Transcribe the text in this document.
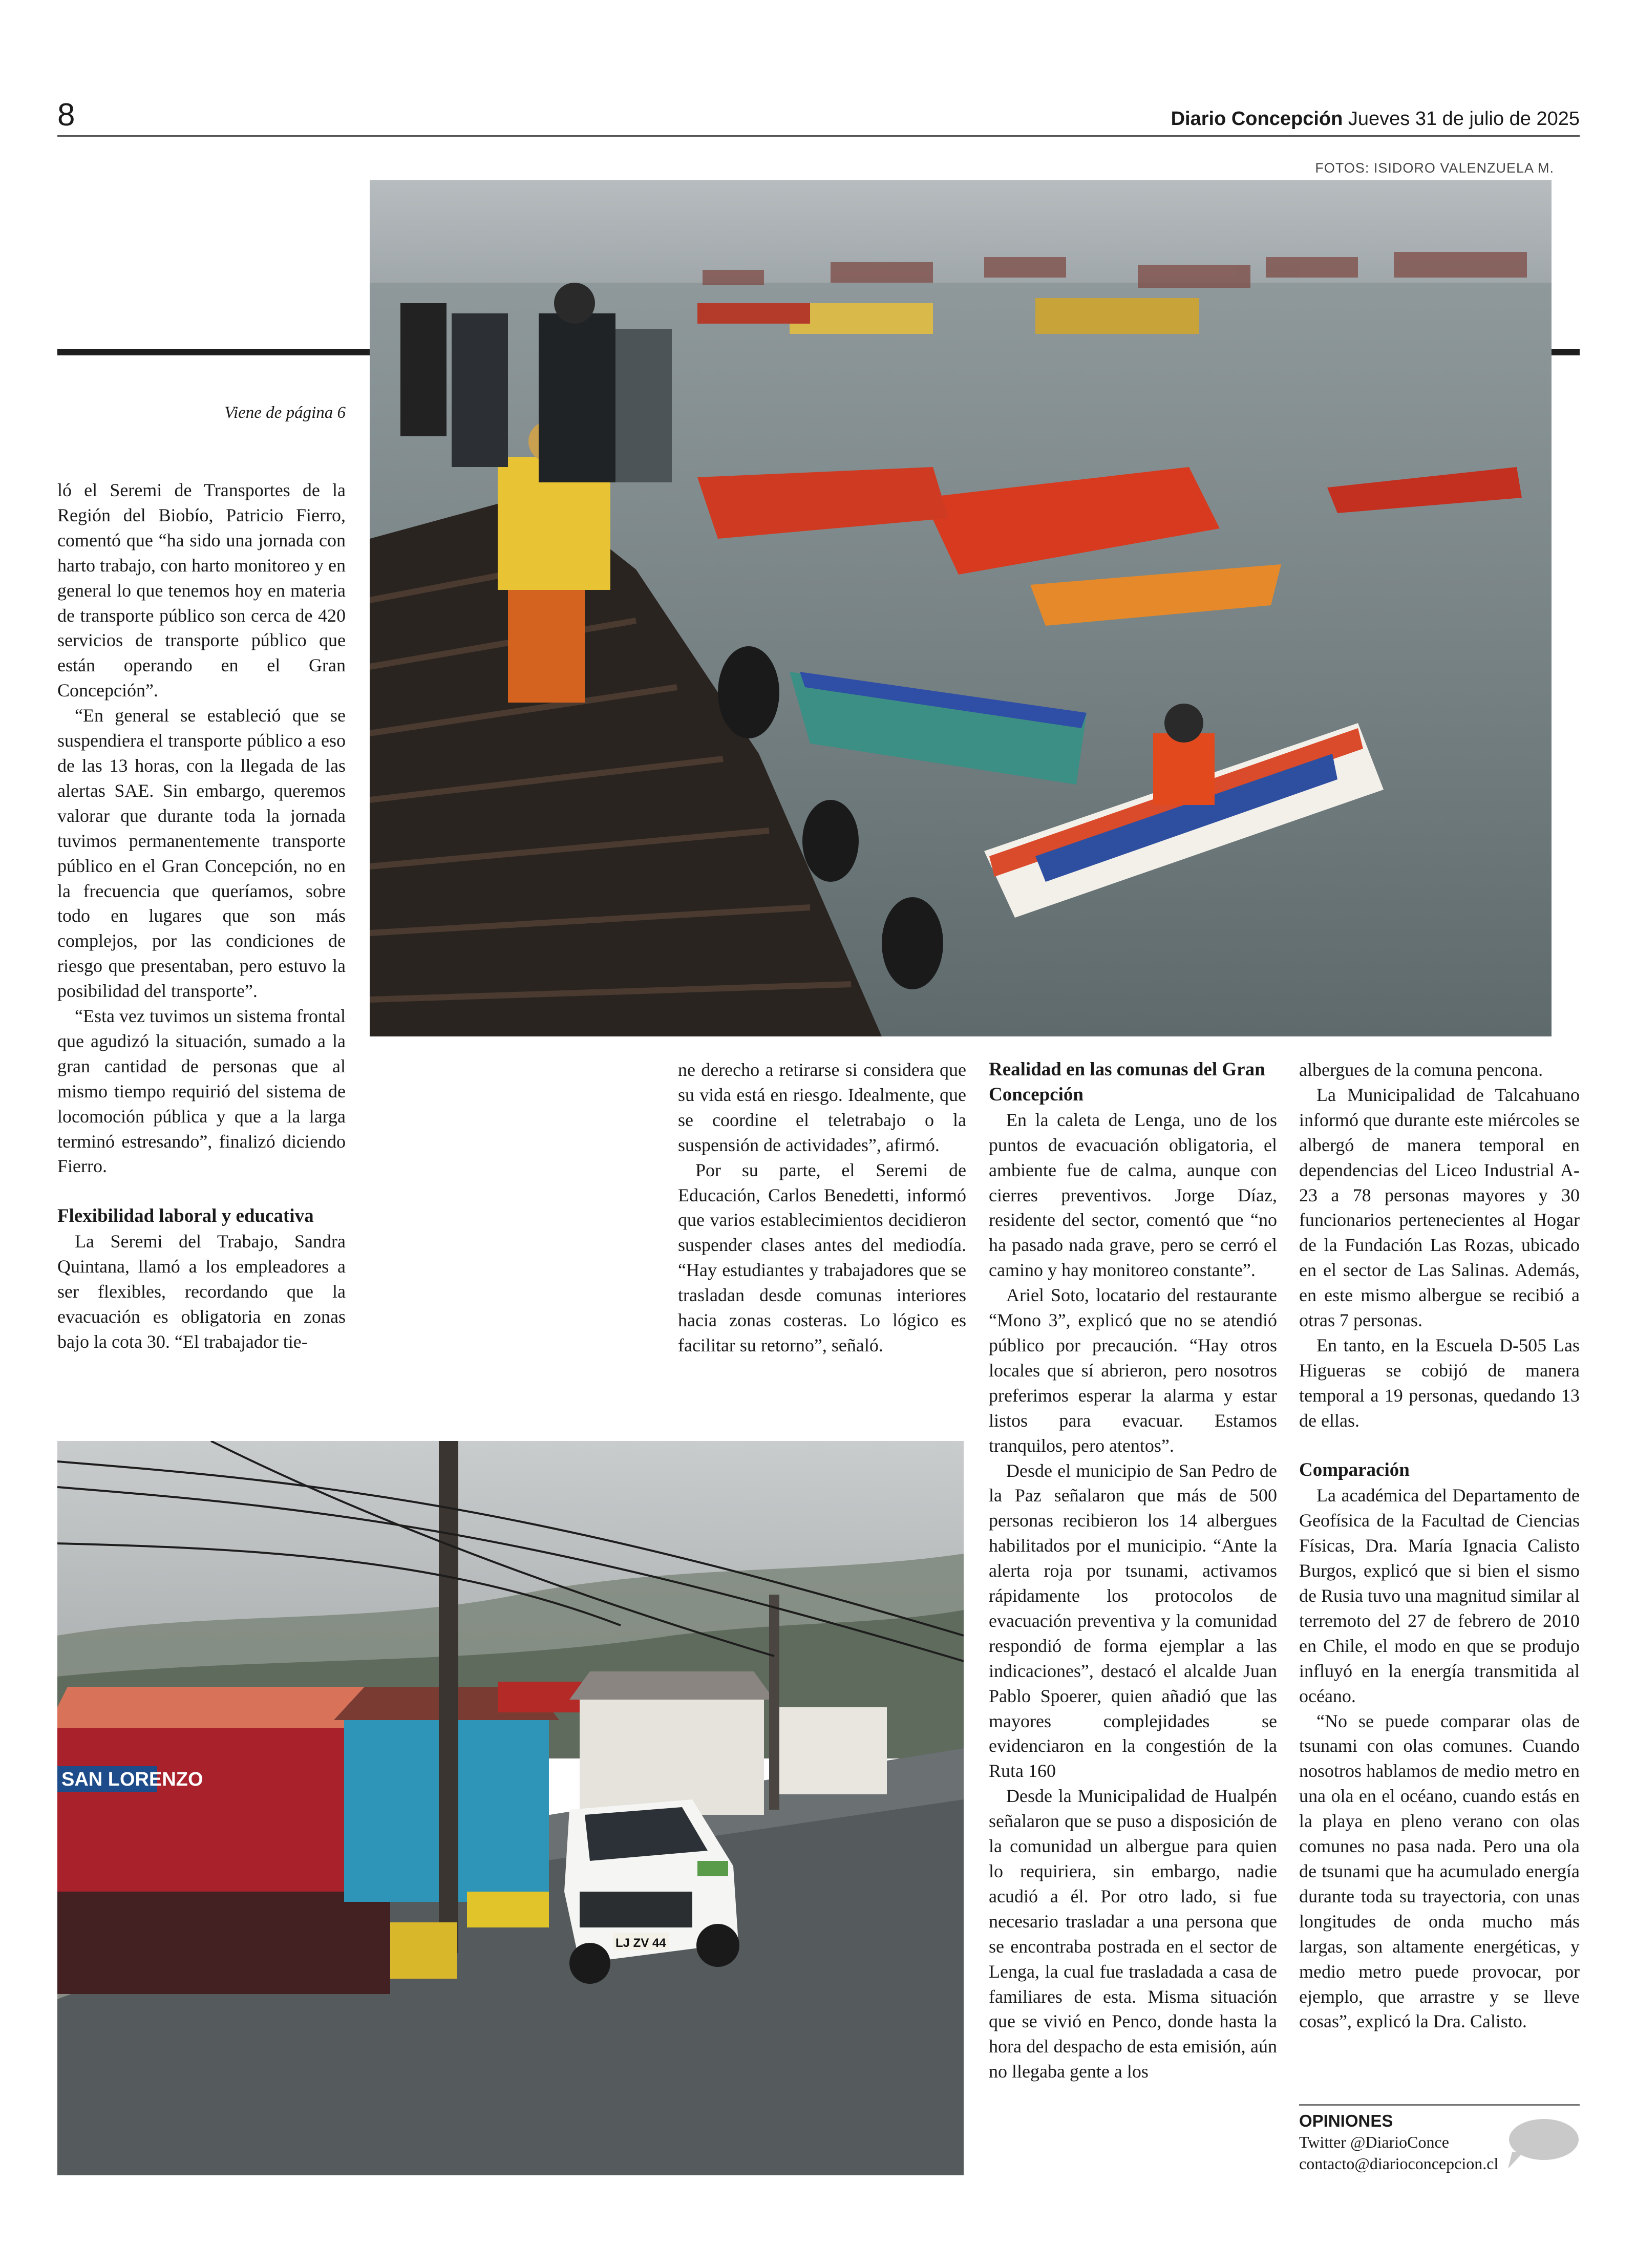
8	Diario Concepción Jueves 31 de julio de 2025
FOTOS: ISIDORO VALENZUELA M.
Viene de página 6

ló el Seremi de Transportes de la Región del Biobío, Patricio Fierro, comentó que “ha sido una jornada con harto trabajo, con harto monitoreo y en general lo que tenemos hoy en materia de transporte público son cerca de 420 servicios de transporte público que están operando en el Gran Concepción”.

“En general se estableció que se suspendiera el transporte público a eso de las 13 horas, con la llegada de las alertas SAE. Sin embargo, queremos valorar que durante toda la jornada tuvimos permanentemente transporte público en el Gran Concepción, no en la frecuencia que queríamos, sobre todo en lugares que son más complejos, por las condiciones de riesgo que presentaban, pero estuvo la posibilidad del transporte”.

“Esta vez tuvimos un sistema frontal que agudizó la situación, sumado a la gran cantidad de personas que al mismo tiempo requirió del sistema de locomoción pública y que a la larga terminó estresando”, finalizó diciendo Fierro.

Flexibilidad laboral y educativa

La Seremi del Trabajo, Sandra Quintana, llamó a los empleadores a ser flexibles, recordando que la evacuación es obligatoria en zonas bajo la cota 30. “El trabajador tie-

ne derecho a retirarse si considera que su vida está en riesgo. Idealmente, que se coordine el teletrabajo o la suspensión de actividades”, afirmó.

Por su parte, el Seremi de Educación, Carlos Benedetti, informó que varios establecimientos decidieron suspender clases antes del mediodía. “Hay estudiantes y trabajadores que se trasladan desde comunas interiores hacia zonas costeras. Lo lógico es facilitar su retorno”, señaló.

Realidad en las comunas del Gran Concepción

En la caleta de Lenga, uno de los puntos de evacuación obligatoria, el ambiente fue de calma, aunque con cierres preventivos. Jorge Díaz, residente del sector, comentó que “no ha pasado nada grave, pero se cerró el camino y hay monitoreo constante”.

Ariel Soto, locatario del restaurante “Mono 3”, explicó que no se atendió público por precaución. “Hay otros locales que sí abrieron, pero nosotros preferimos esperar la alarma y estar listos para evacuar. Estamos tranquilos, pero atentos”.

Desde el municipio de San Pedro de la Paz señalaron que más de 500 personas recibieron los 14 albergues habilitados por el municipio. “Ante la alerta roja por tsunami, activamos rápidamente los protocolos de evacuación preventiva y la comunidad respondió de forma ejemplar a las indicaciones”, destacó el alcalde Juan Pablo Spoerer, quien añadió que las mayores complejidades se evidenciaron en la congestión de la Ruta 160

Desde la Municipalidad de Hualpén señalaron que se puso a disposición de la comunidad un albergue para quien lo requiriera, sin embargo, nadie acudió a él. Por otro lado, si fue necesario trasladar a una persona que se encontraba postrada en el sector de Lenga, la cual fue trasladada a casa de familiares de esta. Misma situación que se vivió en Penco, donde hasta la hora del despacho de esta emisión, aún no llegaba gente a los

albergues de la comuna pencona.

La Municipalidad de Talcahuano informó que durante este miércoles se albergó de manera temporal en dependencias del Liceo Industrial A-23 a 78 personas mayores y 30 funcionarios pertenecientes al Hogar de la Fundación Las Rozas, ubicado en el sector de Las Salinas. Además, en este mismo albergue se recibió a otras 7 personas.

En tanto, en la Escuela D-505 Las Higueras se cobijó de manera temporal a 19 personas, quedando 13 de ellas.

Comparación

La académica del Departamento de Geofísica de la Facultad de Ciencias Físicas, Dra. María Ignacia Calisto Burgos, explicó que si bien el sismo de Rusia tuvo una magnitud similar al terremoto del 27 de febrero de 2010 en Chile, el modo en que se produjo influyó en la energía transmitida al océano.

“No se puede comparar olas de tsunami con olas comunes. Cuando nosotros hablamos de medio metro en una ola en el océano, cuando estás en la playa en pleno verano con olas comunes no pasa nada. Pero una ola de tsunami que ha acumulado energía durante toda su trayectoria, con unas longitudes de onda mucho más largas, son altamente energéticas, y medio metro puede provocar, por ejemplo, que arrastre y se lleve cosas”, explicó la Dra. Calisto.

SAN LORENZO
LJ ZV 44
OPINIONES
Twitter @DiarioConce
contacto@diarioconcepcion.cl
